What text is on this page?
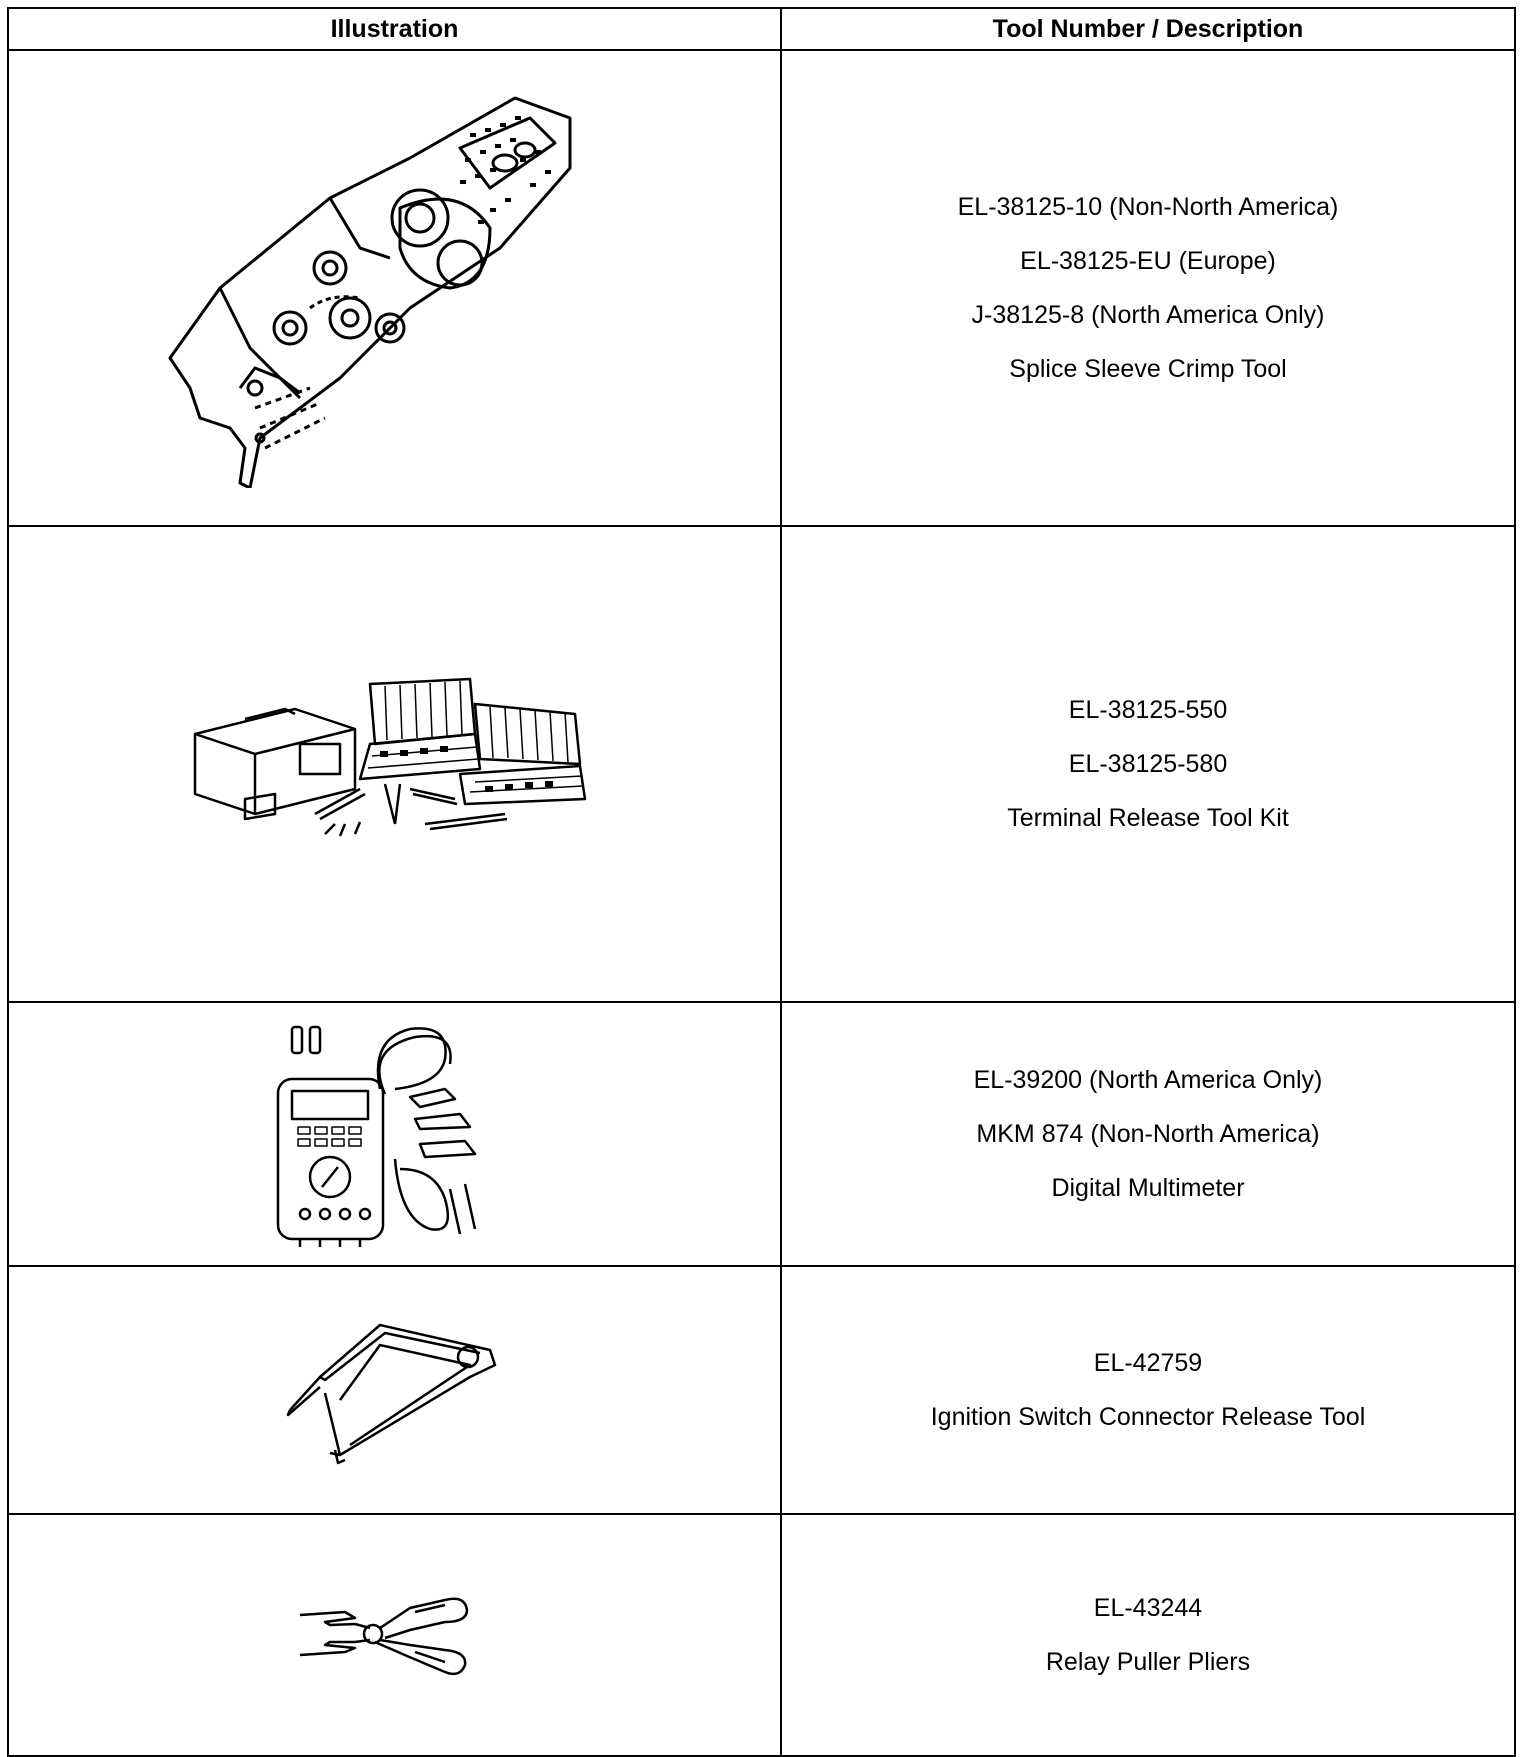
Illustration	Tool Number / Description

EL-38125-10 (Non-North America)
EL-38125-EU (Europe)
J-38125-8 (North America Only)
Splice Sleeve Crimp Tool

EL-38125-550
EL-38125-580
Terminal Release Tool Kit

EL-39200 (North America Only)
MKM 874 (Non-North America)
Digital Multimeter

EL-42759
Ignition Switch Connector Release Tool

EL-43244
Relay Puller Pliers
